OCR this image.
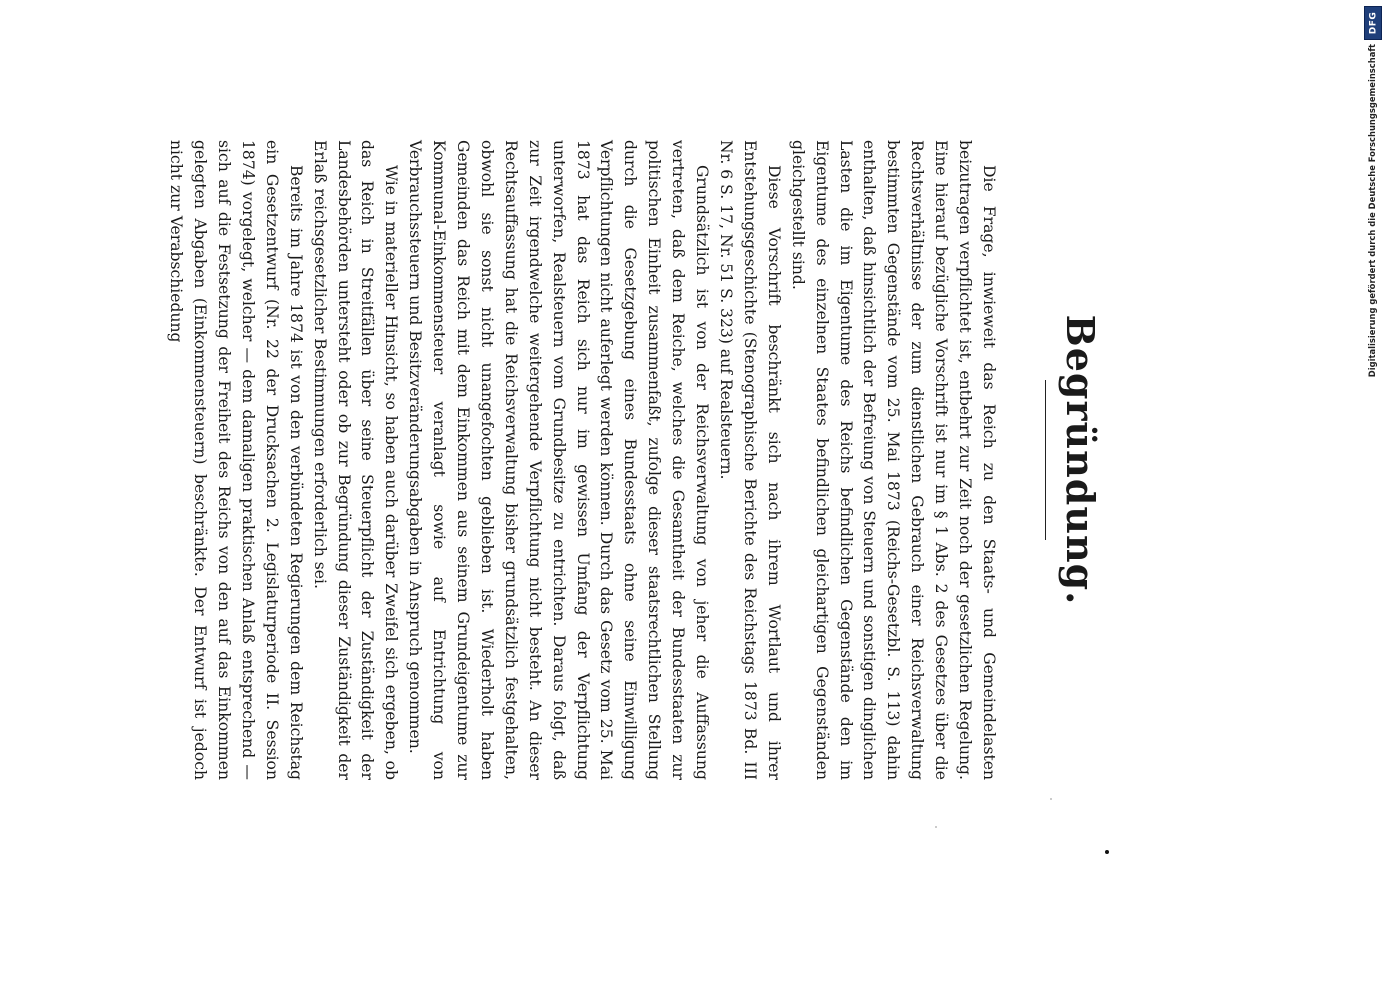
Begründung.

Die Frage, inwieweit das Reich zu den Staats- und Gemeindelasten beizutragen verpflichtet ist, entbehrt zur Zeit noch der gesetzlichen Regelung. Eine hierauf bezügliche Vorschrift ist nur im § 1 Abs. 2 des Gesetzes über die Rechtsverhältnisse der zum dienstlichen Gebrauch einer Reichsverwaltung bestimmten Gegenstände vom 25. Mai 1873 (Reichs-Gesetzbl. S. 113) dahin enthalten, daß hinsichtlich der Befreiung von Steuern und sonstigen dinglichen Lasten die im Eigentume des Reichs befindlichen Gegenstände den im Eigentume des einzelnen Staates befindlichen gleichartigen Gegenständen gleichgestellt sind.

Diese Vorschrift beschränkt sich nach ihrem Wortlaut und ihrer Entstehungsgeschichte (Stenographische Berichte des Reichstags 1873 Bd. III Nr. 6 S. 17, Nr. 51 S. 323) auf Realsteuern.

Grundsätzlich ist von der Reichsverwaltung von jeher die Auffassung vertreten, daß dem Reiche, welches die Gesamtheit der Bundesstaaten zur politischen Einheit zusammenfaßt, zufolge dieser staatsrechtlichen Stellung durch die Gesetzgebung eines Bundesstaats ohne seine Einwilligung Verpflichtungen nicht auferlegt werden können. Durch das Gesetz vom 25. Mai 1873 hat das Reich sich nur im gewissen Umfang der Verpflichtung unterworfen, Realsteuern vom Grundbesitze zu entrichten. Daraus folgt, daß zur Zeit irgendwelche weitergehende Verpflichtung nicht besteht. An dieser Rechtsauffassung hat die Reichsverwaltung bisher grundsätzlich festgehalten, obwohl sie sonst nicht unangefochten geblieben ist. Wiederholt haben Gemeinden das Reich mit dem Einkommen aus seinem Grundeigentume zur Kommunal-Einkommensteuer veranlagt sowie auf Entrichtung von Verbrauchssteuern und Besitzveränderungsabgaben in Anspruch genommen.

Wie in materieller Hinsicht, so haben auch darüber Zweifel sich ergeben, ob das Reich in Streitfällen über seine Steuerpflicht der Zuständigkeit der Landesbehörden untersteht oder ob zur Begründung dieser Zuständigkeit der Erlaß reichsgesetzlicher Bestimmungen erforderlich sei.

Bereits im Jahre 1874 ist von den verbündeten Regierungen dem Reichstag ein Gesetzentwurf (Nr. 22 der Drucksachen 2. Legislaturperiode II. Session 1874) vorgelegt, welcher — dem damaligen praktischen Anlaß entsprechend — sich auf die Festsetzung der Freiheit des Reichs von den auf das Einkommen gelegten Abgaben (Einkommensteuern) beschränkte. Der Entwurf ist jedoch nicht zur Verabschiedung

DFG
Digitalisierung gefördert durch die Deutsche Forschungsgemeinschaft
